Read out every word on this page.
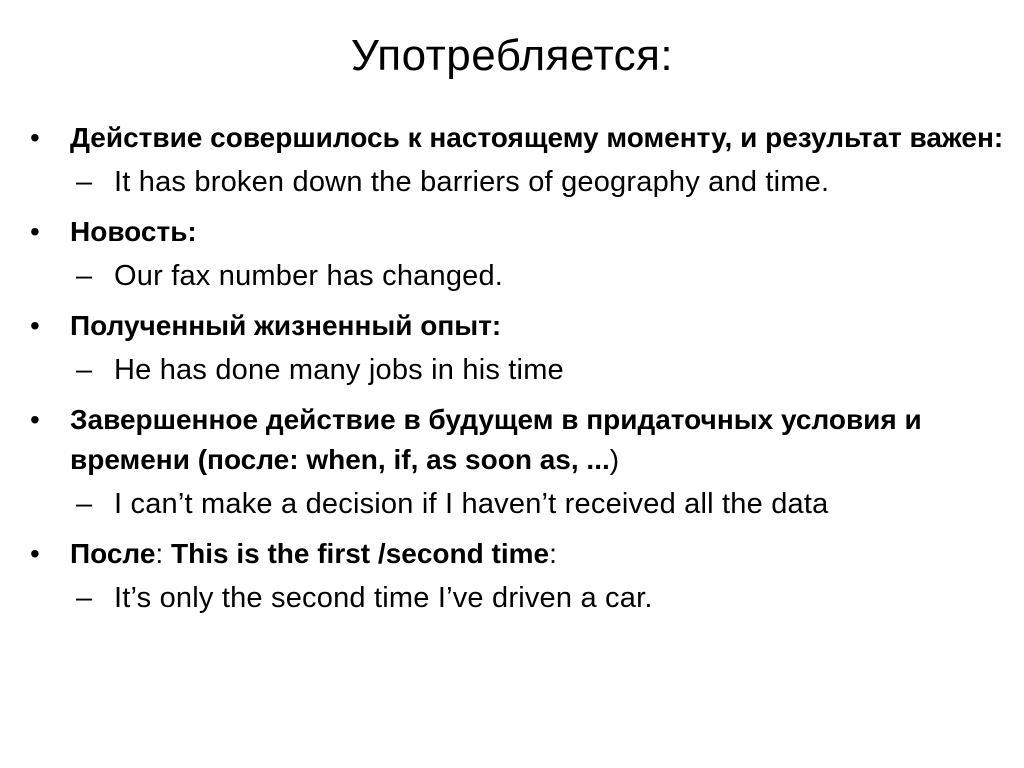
Употребляется:
•	Действие совершилось к настоящему моменту, и результат важен:
– It has broken down the barriers of geography and time.
•	Новость:
– Our fax number has changed.
•	Полученный жизненный опыт:
– He has done many jobs in his time
•	Завершенное действие в будущем в придаточных условия и времени (после: when, if, as soon as, ...)
– I can’t make a decision if I haven’t received all the data
•	После: This is the first /second time:
– It’s only the second time I’ve driven a car.
